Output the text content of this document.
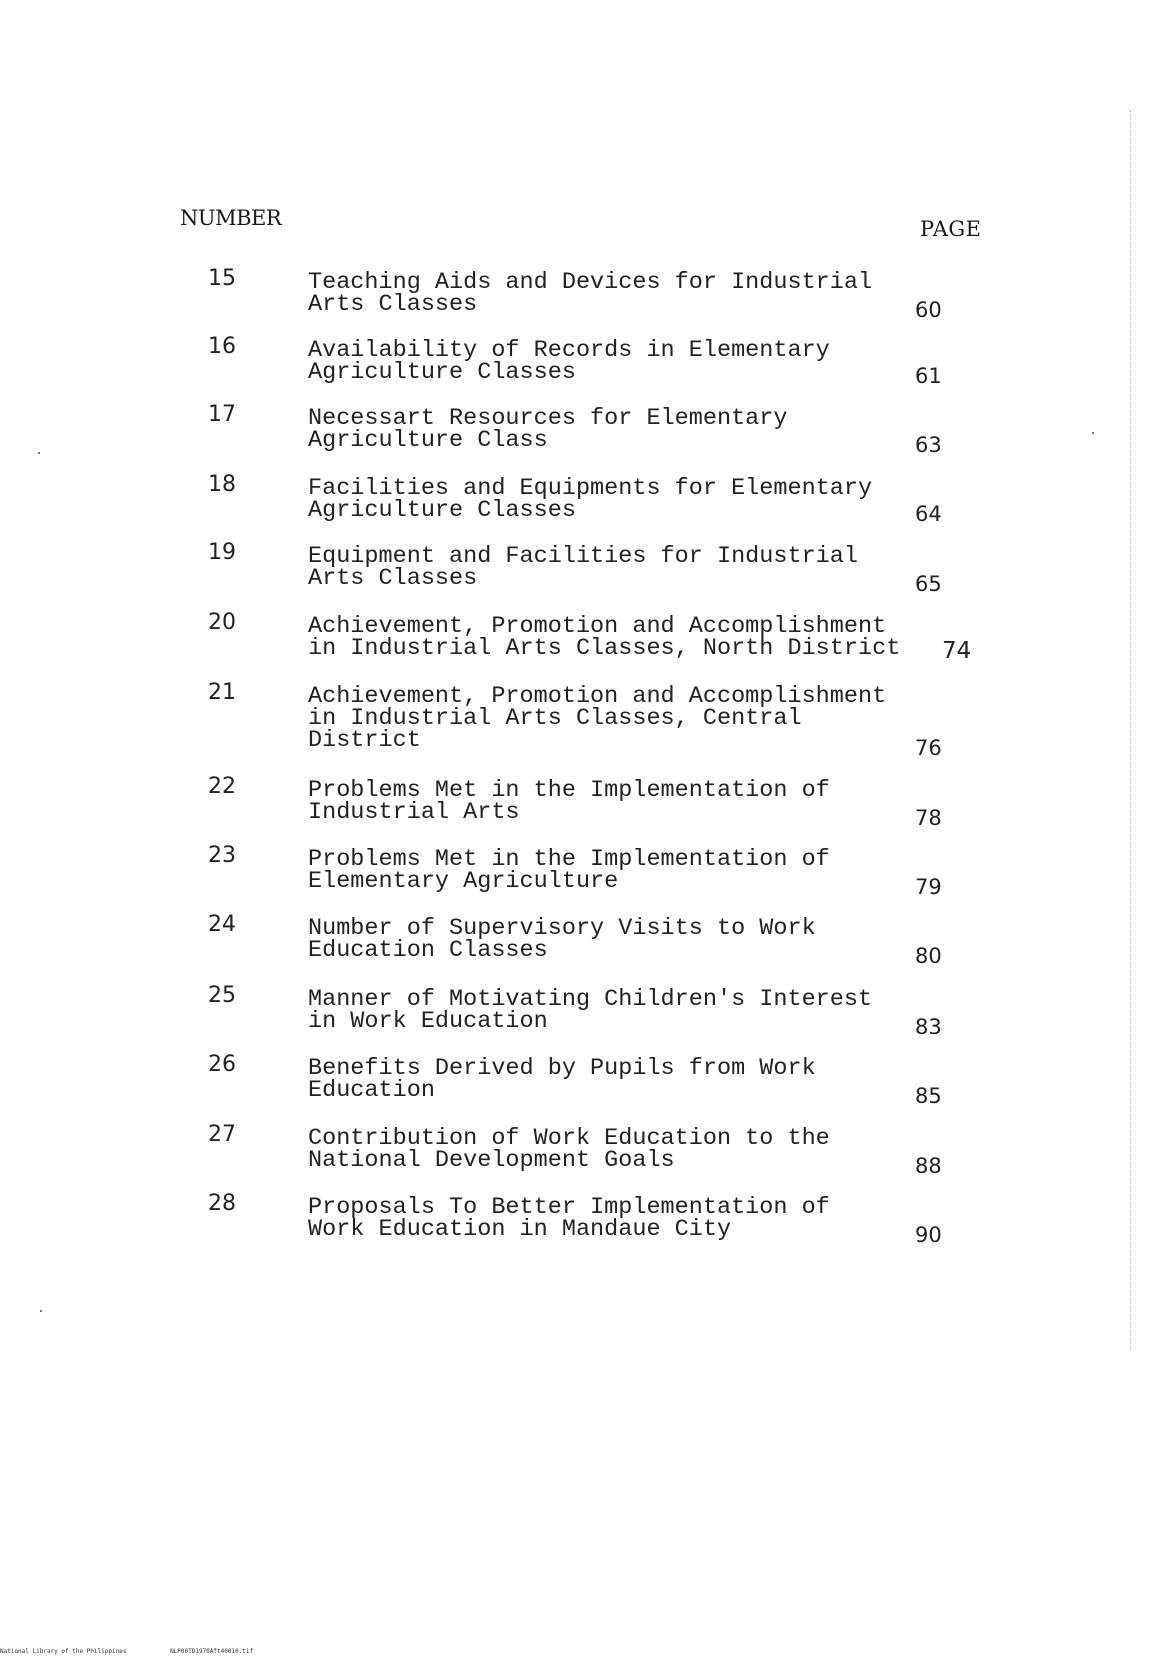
NUMBER	PAGE
15	Teaching Aids and Devices for Industrial
Arts Classes	60
16	Availability of Records in Elementary
Agriculture Classes	61
17	Necessart Resources for Elementary
Agriculture Class	63
18	Facilities and Equipments for Elementary
Agriculture Classes	64
19	Equipment and Facilities for Industrial
Arts Classes	65
20	Achievement, Promotion and Accomplishment
in Industrial Arts Classes, North District	74
21	Achievement, Promotion and Accomplishment
in Industrial Arts Classes, Central
District	76
22	Problems Met in the Implementation of
Industrial Arts	78
23	Problems Met in the Implementation of
Elementary Agriculture	79
24	Number of Supervisory Visits to Work
Education Classes	80
25	Manner of Motivating Children's Interest
in Work Education	83
26	Benefits Derived by Pupils from Work
Education	85
27	Contribution of Work Education to the
National Development Goals	88
28	Proposals To Better Implementation of
Work Education in Mandaue City	90
National Library of the Philippines	NLP00TD1970Aft40010.tif
